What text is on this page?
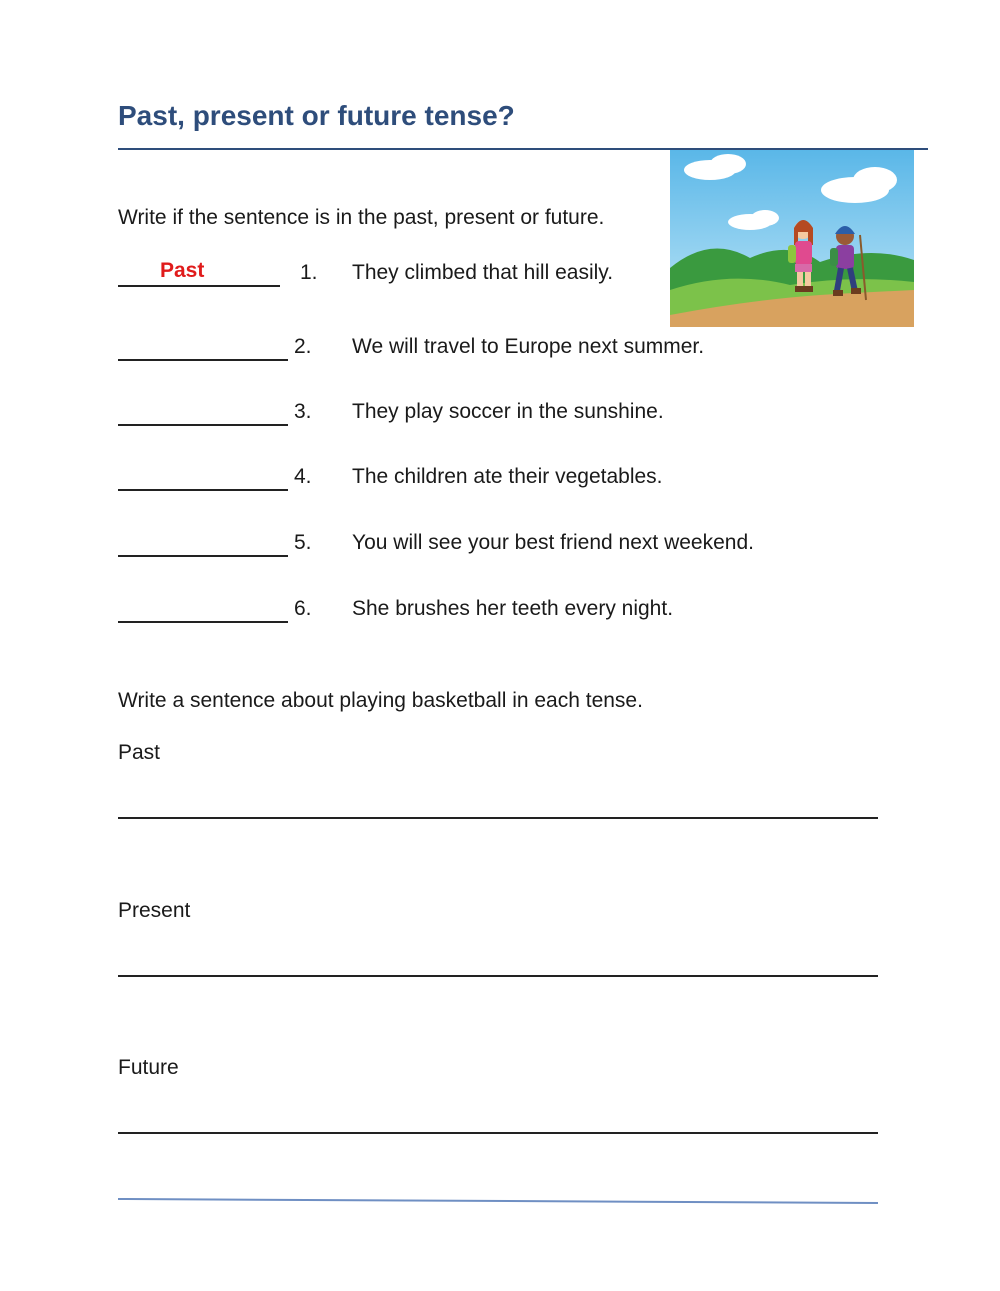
Past, present or future tense?
Write if the sentence is in the past, present or future.
Past	1. They climbed that hill easily.
2. We will travel to Europe next summer.
3. They play soccer in the sunshine.
4. The children ate their vegetables.
5. You will see your best friend next weekend.
6. She brushes her teeth every night.
Write a sentence about playing basketball in each tense.
Past
Present
Future
